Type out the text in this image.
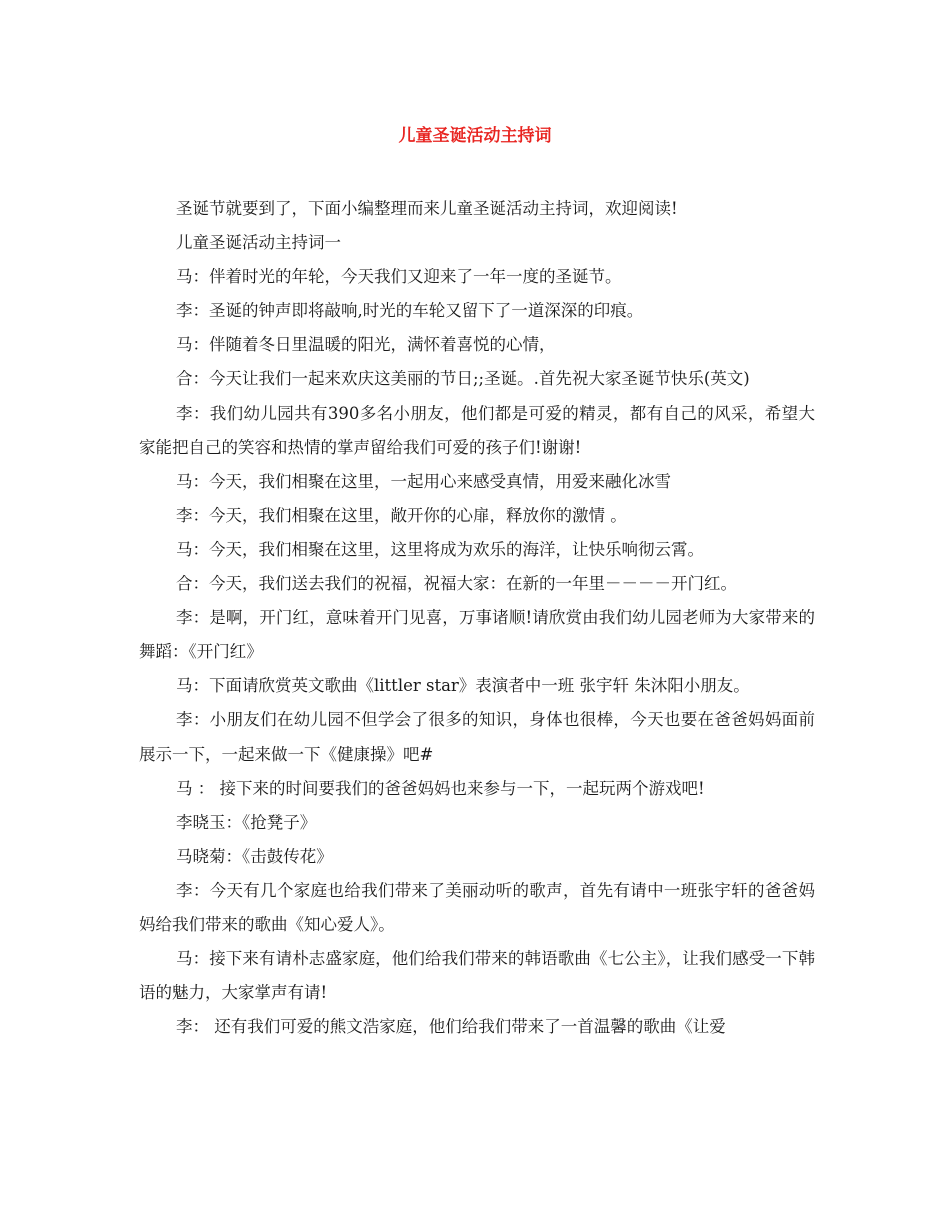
儿童圣诞活动主持词

圣诞节就要到了，下面小编整理而来儿童圣诞活动主持词，欢迎阅读!

儿童圣诞活动主持词一

马：伴着时光的年轮，今天我们又迎来了一年一度的圣诞节。

李：圣诞的钟声即将敲响,时光的车轮又留下了一道深深的印痕。

马：伴随着冬日里温暖的阳光，满怀着喜悦的心情，

合：今天让我们一起来欢庆这美丽的节日;;圣诞。.首先祝大家圣诞节快乐(英文)

李：我们幼儿园共有390多名小朋友，他们都是可爱的精灵，都有自己的风采，希望大家能把自己的笑容和热情的掌声留给我们可爱的孩子们!谢谢!

马：今天，我们相聚在这里，一起用心来感受真情，用爱来融化冰雪

李：今天，我们相聚在这里，敞开你的心扉，释放你的激情 。

马：今天，我们相聚在这里，这里将成为欢乐的海洋，让快乐响彻云霄。

合：今天，我们送去我们的祝福，祝福大家：在新的一年里－－－－开门红。

李：是啊，开门红，意味着开门见喜，万事诸顺!请欣赏由我们幼儿园老师为大家带来的舞蹈：《开门红》

马：下面请欣赏英文歌曲《littler star》表演者中一班 张宇轩 朱沐阳小朋友。

李：小朋友们在幼儿园不但学会了很多的知识，身体也很棒，今天也要在爸爸妈妈面前展示一下，一起来做一下《健康操》吧#

马 ： 接下来的时间要我们的爸爸妈妈也来参与一下，一起玩两个游戏吧!

李晓玉：《抢凳子》

马晓菊：《击鼓传花》

李：今天有几个家庭也给我们带来了美丽动听的歌声，首先有请中一班张宇轩的爸爸妈妈给我们带来的歌曲《知心爱人》。

马：接下来有请朴志盛家庭，他们给我们带来的韩语歌曲《七公主》，让我们感受一下韩语的魅力，大家掌声有请!

李： 还有我们可爱的熊文浩家庭，他们给我们带来了一首温馨的歌曲《让爱
